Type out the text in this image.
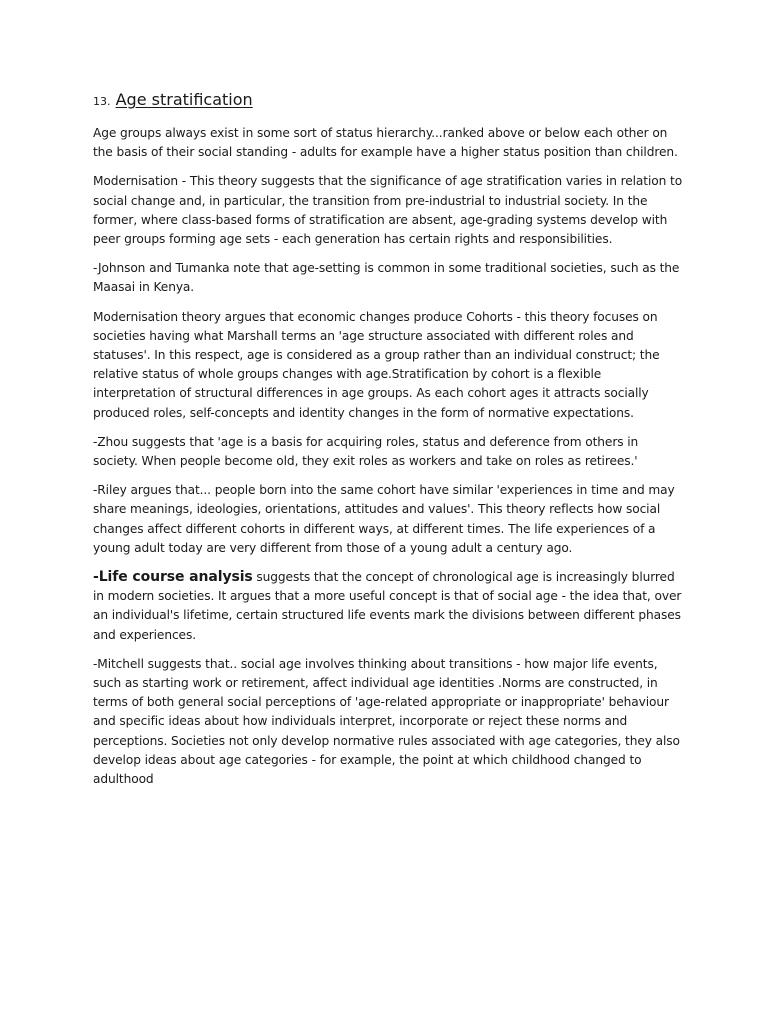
13. Age stratification

Age groups always exist in some sort of status hierarchy...ranked above or below each other on the basis of their social standing - adults for example have a higher status position than children.

Modernisation - This theory suggests that the significance of age stratification varies in relation to social change and, in particular, the transition from pre-industrial to industrial society. In the former, where class-based forms of stratification are absent, age-grading systems develop with peer groups forming age sets - each generation has certain rights and responsibilities.

-Johnson and Tumanka note that age-setting is common in some traditional societies, such as the Maasai in Kenya.

Modernisation theory argues that economic changes produce Cohorts - this theory focuses on societies having what Marshall terms an 'age structure associated with different roles and statuses'. In this respect, age is considered as a group rather than an individual construct; the relative status of whole groups changes with age.Stratification by cohort is a flexible interpretation of structural differences in age groups. As each cohort ages it attracts socially produced roles, self-concepts and identity changes in the form of normative expectations.

-Zhou suggests that 'age is a basis for acquiring roles, status and deference from others in society. When people become old, they exit roles as workers and take on roles as retirees.'

-Riley argues that... people born into the same cohort have similar 'experiences in time and may share meanings, ideologies, orientations, attitudes and values'. This theory reflects how social changes affect different cohorts in different ways, at different times. The life experiences of a young adult today are very different from those of a young adult a century ago.

-Life course analysis suggests that the concept of chronological age is increasingly blurred in modern societies. It argues that a more useful concept is that of social age - the idea that, over an individual's lifetime, certain structured life events mark the divisions between different phases and experiences.

-Mitchell suggests that.. social age involves thinking about transitions - how major life events, such as starting work or retirement, affect individual age identities .Norms are constructed, in terms of both general social perceptions of 'age-related appropriate or inappropriate' behaviour and specific ideas about how individuals interpret, incorporate or reject these norms and perceptions. Societies not only develop normative rules associated with age categories, they also develop ideas about age categories - for example, the point at which childhood changed to adulthood
